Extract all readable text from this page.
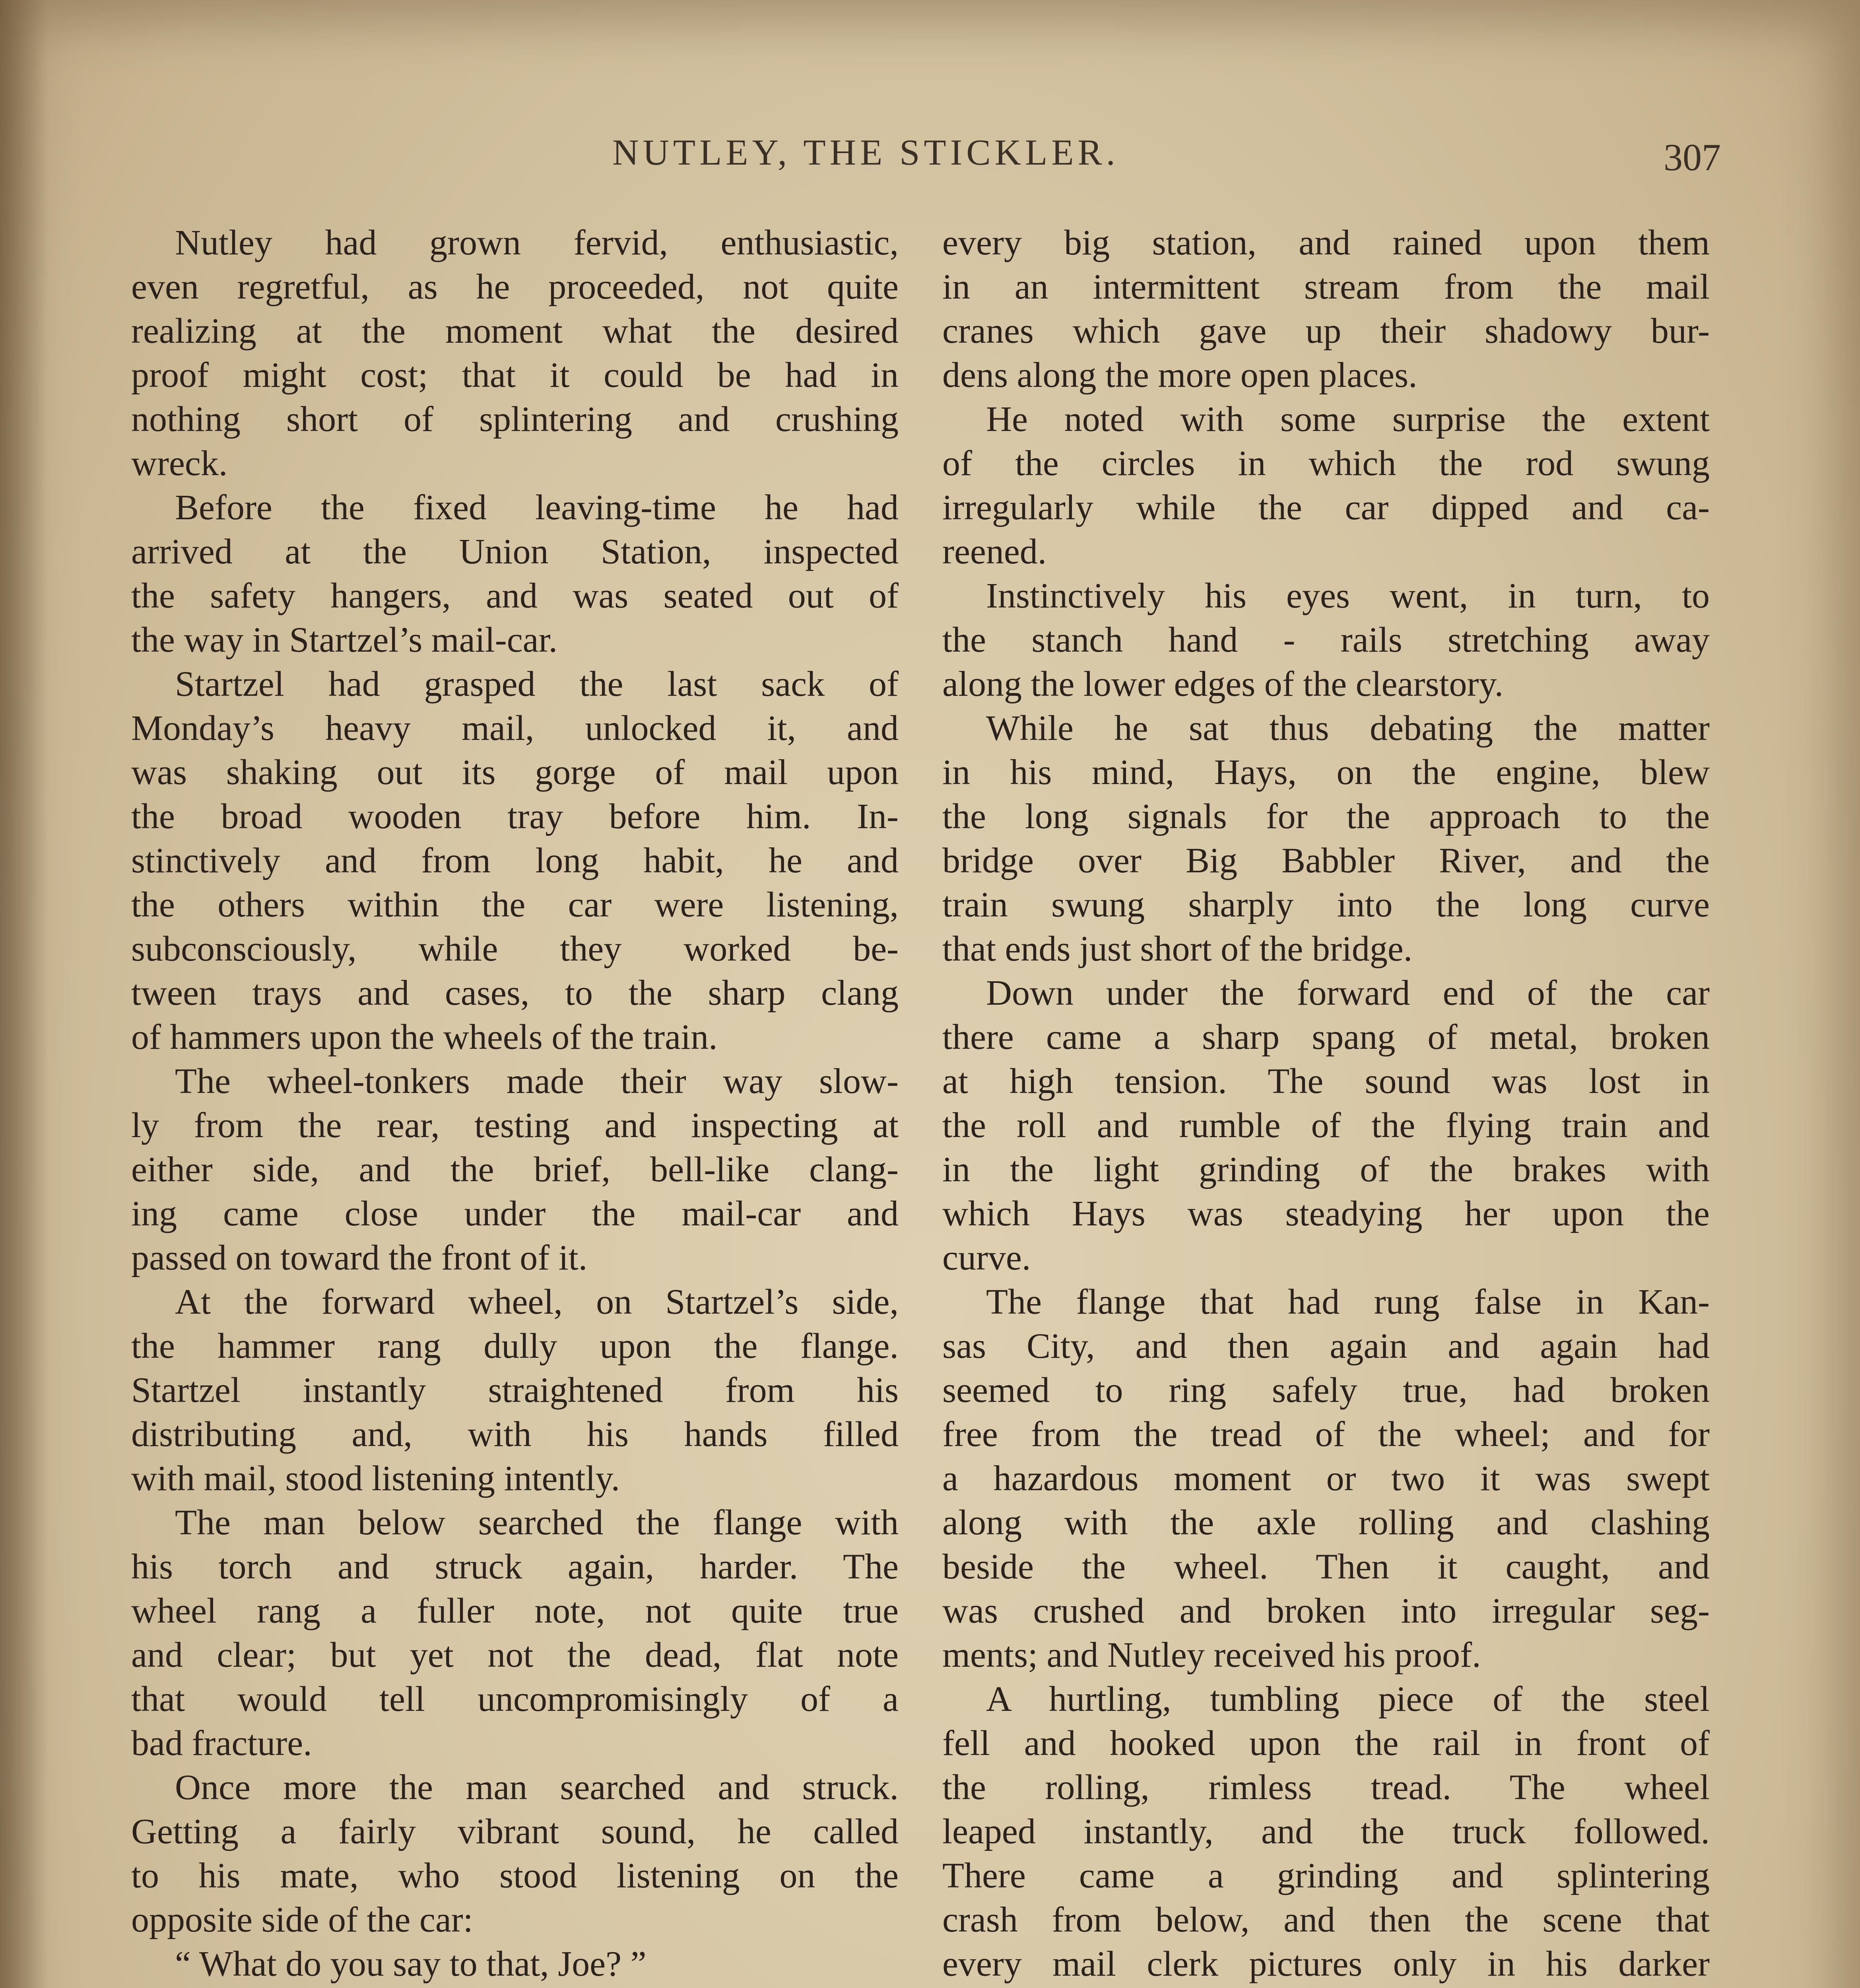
NUTLEY, THE STICKLER.	307
Nutley had grown fervid, enthusiastic,
even regretful, as he proceeded, not quite
realizing at the moment what the desired
proof might cost; that it could be had in
nothing short of splintering and crushing
wreck.
Before the fixed leaving-time he had
arrived at the Union Station, inspected
the safety hangers, and was seated out of
the way in Startzel’s mail-car.
Startzel had grasped the last sack of
Monday’s heavy mail, unlocked it, and
was shaking out its gorge of mail upon
the broad wooden tray before him. In-
stinctively and from long habit, he and
the others within the car were listening,
subconsciously, while they worked be-
tween trays and cases, to the sharp clang
of hammers upon the wheels of the train.
The wheel-tonkers made their way slow-
ly from the rear, testing and inspecting at
either side, and the brief, bell-like clang-
ing came close under the mail-car and
passed on toward the front of it.
At the forward wheel, on Startzel’s side,
the hammer rang dully upon the flange.
Startzel instantly straightened from his
distributing and, with his hands filled
with mail, stood listening intently.
The man below searched the flange with
his torch and struck again, harder. The
wheel rang a fuller note, not quite true
and clear; but yet not the dead, flat note
that would tell uncompromisingly of a
bad fracture.
Once more the man searched and struck.
Getting a fairly vibrant sound, he called
to his mate, who stood listening on the
opposite side of the car:
“ What do you say to that, Joe? ”
every big station, and rained upon them
in an intermittent stream from the mail
cranes which gave up their shadowy bur-
dens along the more open places.
He noted with some surprise the extent
of the circles in which the rod swung
irregularly while the car dipped and ca-
reened.
Instinctively his eyes went, in turn, to
the stanch hand - rails stretching away
along the lower edges of the clearstory.
While he sat thus debating the matter
in his mind, Hays, on the engine, blew
the long signals for the approach to the
bridge over Big Babbler River, and the
train swung sharply into the long curve
that ends just short of the bridge.
Down under the forward end of the car
there came a sharp spang of metal, broken
at high tension. The sound was lost in
the roll and rumble of the flying train and
in the light grinding of the brakes with
which Hays was steadying her upon the
curve.
The flange that had rung false in Kan-
sas City, and then again and again had
seemed to ring safely true, had broken
free from the tread of the wheel; and for
a hazardous moment or two it was swept
along with the axle rolling and clashing
beside the wheel. Then it caught, and
was crushed and broken into irregular seg-
ments; and Nutley received his proof.
A hurtling, tumbling piece of the steel
fell and hooked upon the rail in front of
the rolling, rimless tread. The wheel
leaped instantly, and the truck followed.
There came a grinding and splintering
crash from below, and then the scene that
every mail clerk pictures only in his darker
